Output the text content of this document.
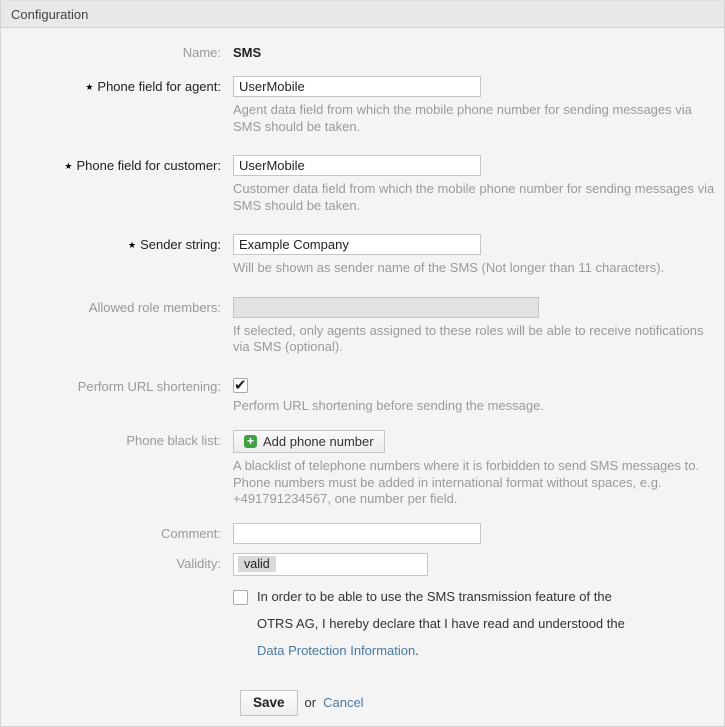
Configuration
Name: SMS

★ Phone field for agent:
UserMobile

Agent data field from which the mobile phone number for sending messages via SMS should be taken.

★ Phone field for customer:
UserMobile

Customer data field from which the mobile phone number for sending messages via SMS should be taken.

★ Sender string:
Example Company

Will be shown as sender name of the SMS (Not longer than 11 characters).

Allowed role members:

If selected, only agents assigned to these roles will be able to receive notifications via SMS (optional).

Perform URL shortening: ✔

Perform URL shortening before sending the message.

Phone black list:	+ Add phone number

A blacklist of telephone numbers where it is forbidden to send SMS messages to. Phone numbers must be added in international format without spaces, e.g. +491791234567, one number per field.

Comment:
Validity:	valid

In order to be able to use the SMS transmission feature of the OTRS AG, I hereby declare that I have read and understood the Data Protection Information.

Save	or Cancel
